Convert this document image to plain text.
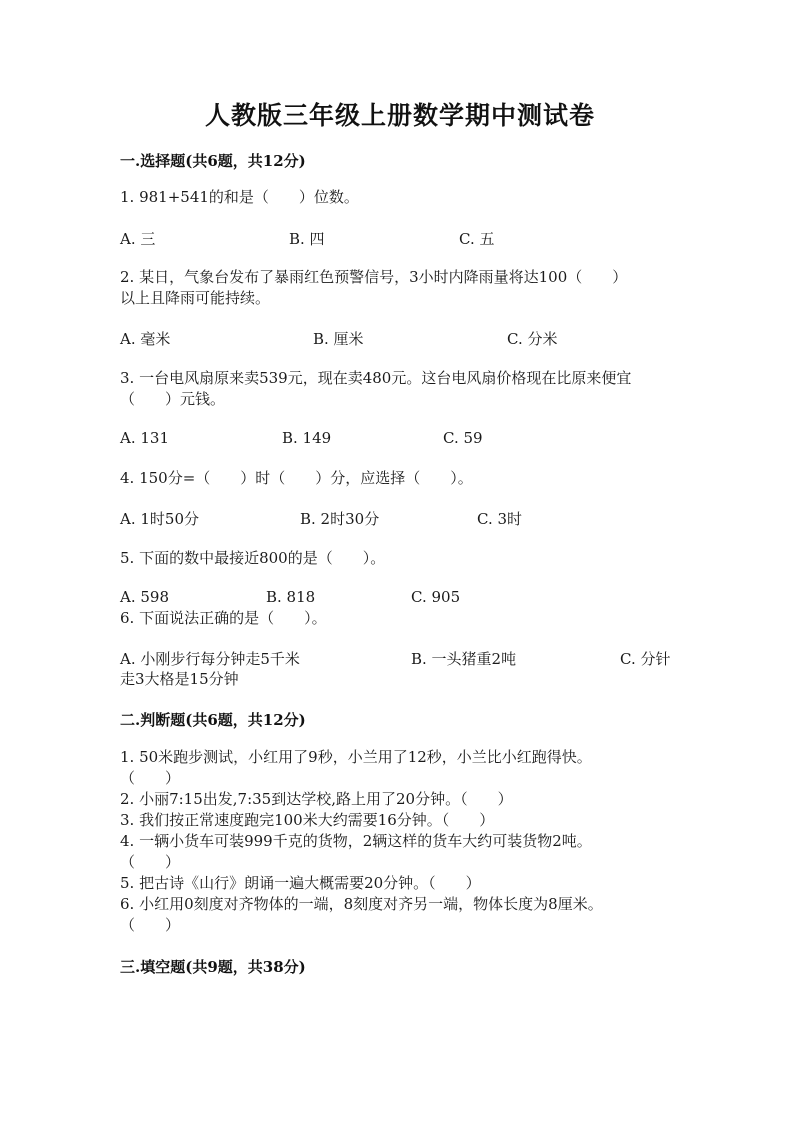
人教版三年级上册数学期中测试卷
一.选择题(共6题，共12分)
1. 981+541的和是（　　）位数。
A. 三	B. 四	C. 五
2. 某日，气象台发布了暴雨红色预警信号，3小时内降雨量将达100（　　）
以上且降雨可能持续。
A. 毫米	B. 厘米	C. 分米
3. 一台电风扇原来卖539元，现在卖480元。这台电风扇价格现在比原来便宜
（　　）元钱。
A. 131	B. 149	C. 59
4. 150分=（　　）时（　　）分，应选择（　　）。
A. 1时50分	B. 2时30分	C. 3时
5. 下面的数中最接近800的是（　　）。
A. 598	B. 818	C. 905
6. 下面说法正确的是（　　）。
A. 小刚步行每分钟走5千米	B. 一头猪重2吨	C. 分针
走3大格是15分钟
二.判断题(共6题，共12分)
1. 50米跑步测试，小红用了9秒，小兰用了12秒，小兰比小红跑得快。
（　　）
2. 小丽7:15出发,7:35到达学校,路上用了20分钟。（　　）
3. 我们按正常速度跑完100米大约需要16分钟。（　　）
4. 一辆小货车可装999千克的货物，2辆这样的货车大约可装货物2吨。
（　　）
5. 把古诗《山行》朗诵一遍大概需要20分钟。（　　）
6. 小红用0刻度对齐物体的一端，8刻度对齐另一端，物体长度为8厘米。
（　　）
三.填空题(共9题，共38分)
